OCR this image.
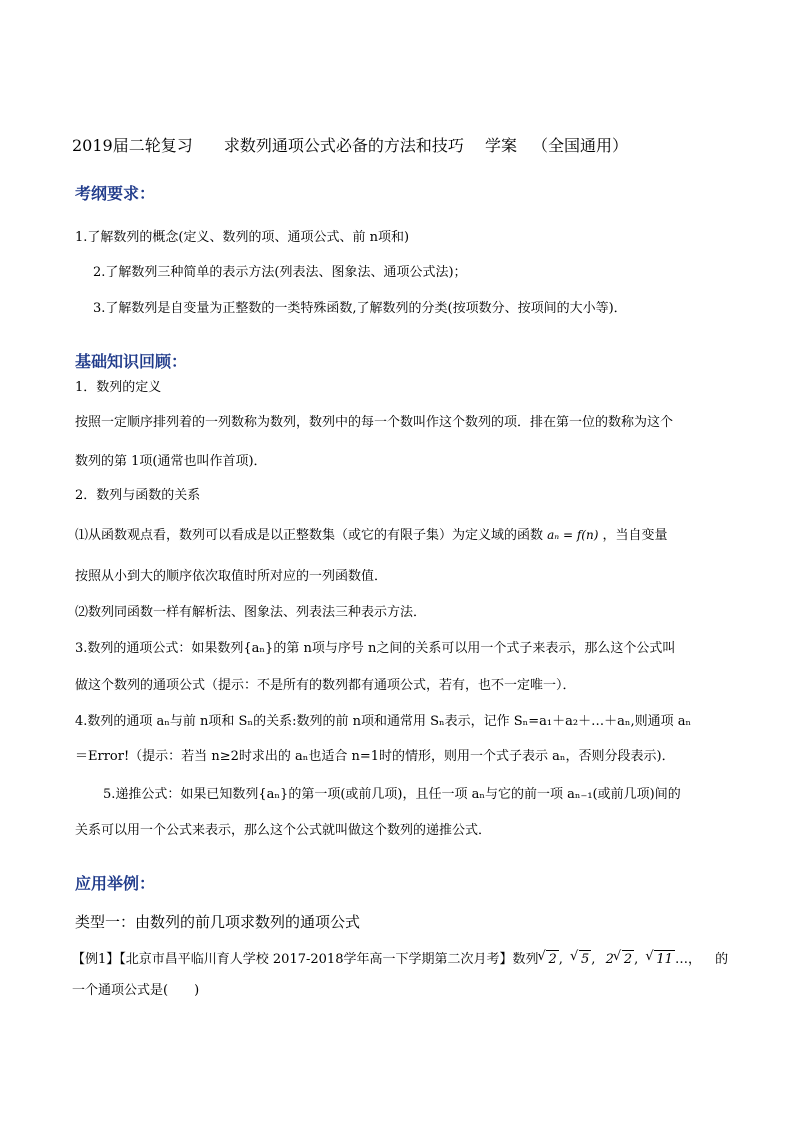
2019届二轮复习 求数列通项公式必备的方法和技巧 学案 （全国通用）
考纲要求：
1.了解数列的概念(定义、数列的项、通项公式、前 n项和)
2.了解数列三种简单的表示方法(列表法、图象法、通项公式法)；
3.了解数列是自变量为正整数的一类特殊函数,了解数列的分类(按项数分、按项间的大小等)．
基础知识回顾：
1．数列的定义
按照一定顺序排列着的一列数称为数列，数列中的每一个数叫作这个数列的项．排在第一位的数称为这个
数列的第 1项(通常也叫作首项)．
2．数列与函数的关系
⑴从函数观点看，数列可以看成是以正整数集（或它的有限子集）为定义域的函数 aₙ = f(n) ，当自变量
按照从小到大的顺序依次取值时所对应的一列函数值．
⑵数列同函数一样有解析法、图象法、列表法三种表示方法．
3.数列的通项公式：如果数列{aₙ}的第 n项与序号 n之间的关系可以用一个式子来表示，那么这个公式叫
做这个数列的通项公式（提示：不是所有的数列都有通项公式，若有，也不一定唯一）．
4.数列的通项 aₙ与前 n项和 Sₙ的关系:数列的前 n项和通常用 Sₙ表示，记作 Sₙ=a₁＋a₂＋…＋aₙ,则通项 aₙ
＝Error!（提示：若当 n≥2时求出的 aₙ也适合 n=1时的情形，则用一个式子表示 aₙ，否则分段表示)．
5.递推公式：如果已知数列{aₙ}的第一项(或前几项)，且任一项 aₙ与它的前一项 aₙ₋₁(或前几项)间的
关系可以用一个公式来表示，那么这个公式就叫做这个数列的递推公式．
应用举例：
类型一：由数列的前几项求数列的通项公式
【例1】【北京市昌平临川育人学校 2017-2018学年高一下学期第二次月考】数列 √ 2 , √ 5 , 2 √ 2 , √ 11 …， 的
一个通项公式是(　　)
